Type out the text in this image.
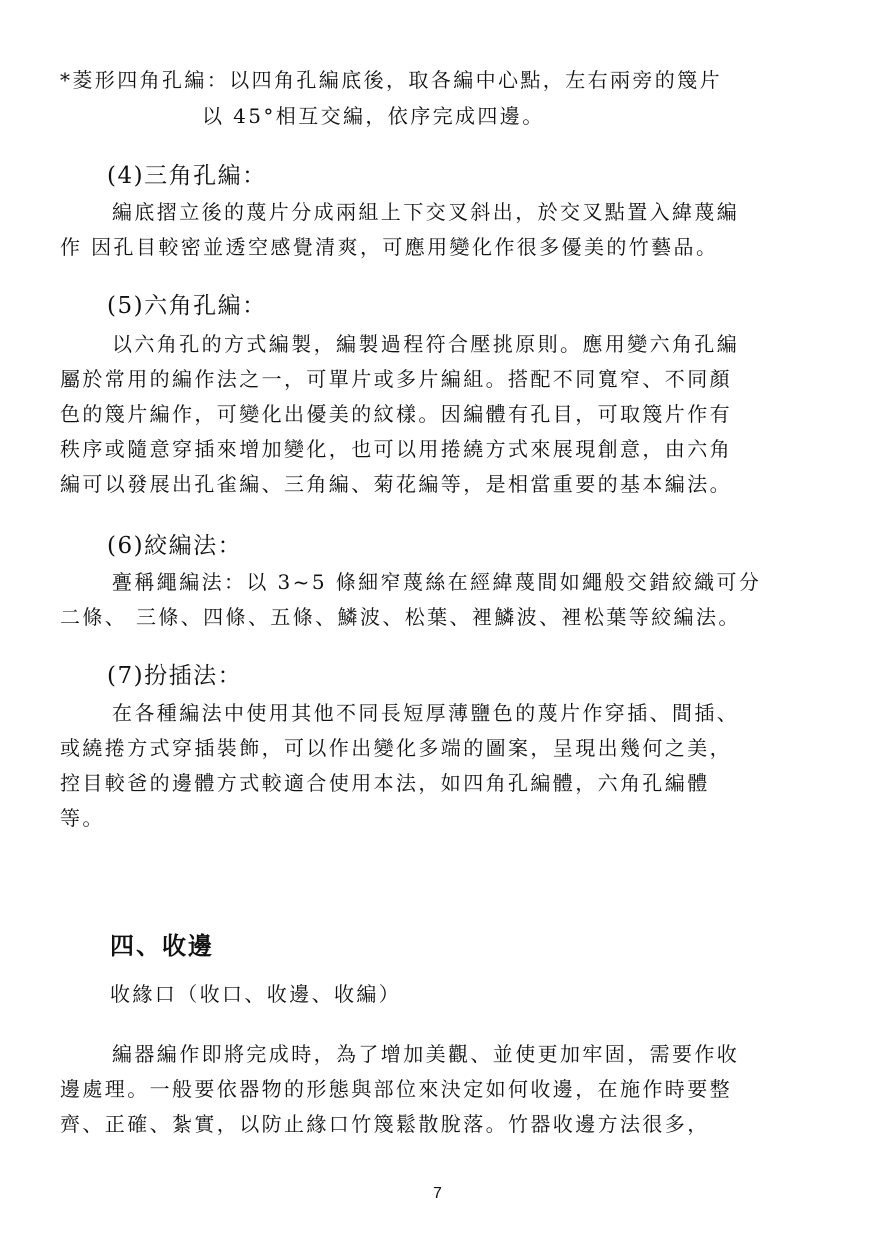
*菱形四角孔編：以四角孔編底後，取各編中心點，左右兩旁的篾片
以 45°相互交編，依序完成四邊。
(4)三角孔編：
編底摺立後的蔑片分成兩組上下交叉斜出，於交叉點置入緯蔑編
作 因孔目較密並透空感覺清爽，可應用變化作很多優美的竹藝品。
(5)六角孔編：
以六角孔的方式編製，編製過程符合壓挑原則。應用變六角孔編
屬於常用的編作法之一，可單片或多片編組。搭配不同寬窄、不同顏
色的篾片編作，可變化出優美的紋樣。因編體有孔目，可取篾片作有
秩序或隨意穿插來增加變化，也可以用捲繞方式來展現創意，由六角
編可以發展出孔雀編、三角編、菊花編等，是相當重要的基本編法。
(6)絞編法：
亹稱繩編法：以 3~5 條細窄蔑絲在經緯蔑間如繩般交錯絞織可分
二條、 三條、四條、五條、鱗波、松葉、裡鱗波、裡松葉等絞編法。
(7)扮插法：
在各種編法中使用其他不同長短厚薄鹽色的蔑片作穿插、間插、
或繞捲方式穿插裝飾，可以作出變化多端的圖案，呈現出幾何之美，
控目較爸的邊體方式較適合使用本法，如四角孔編體，六角孔編體
等。
四、收邊
收緣口（收口、收邊、收編）
編器編作即將完成時，為了增加美觀、並使更加牢固，需要作收
邊處理。一般要依器物的形態與部位來決定如何收邊，在施作時要整
齊、正確、紮實，以防止緣口竹篾鬆散脫落。竹器收邊方法很多，
7
